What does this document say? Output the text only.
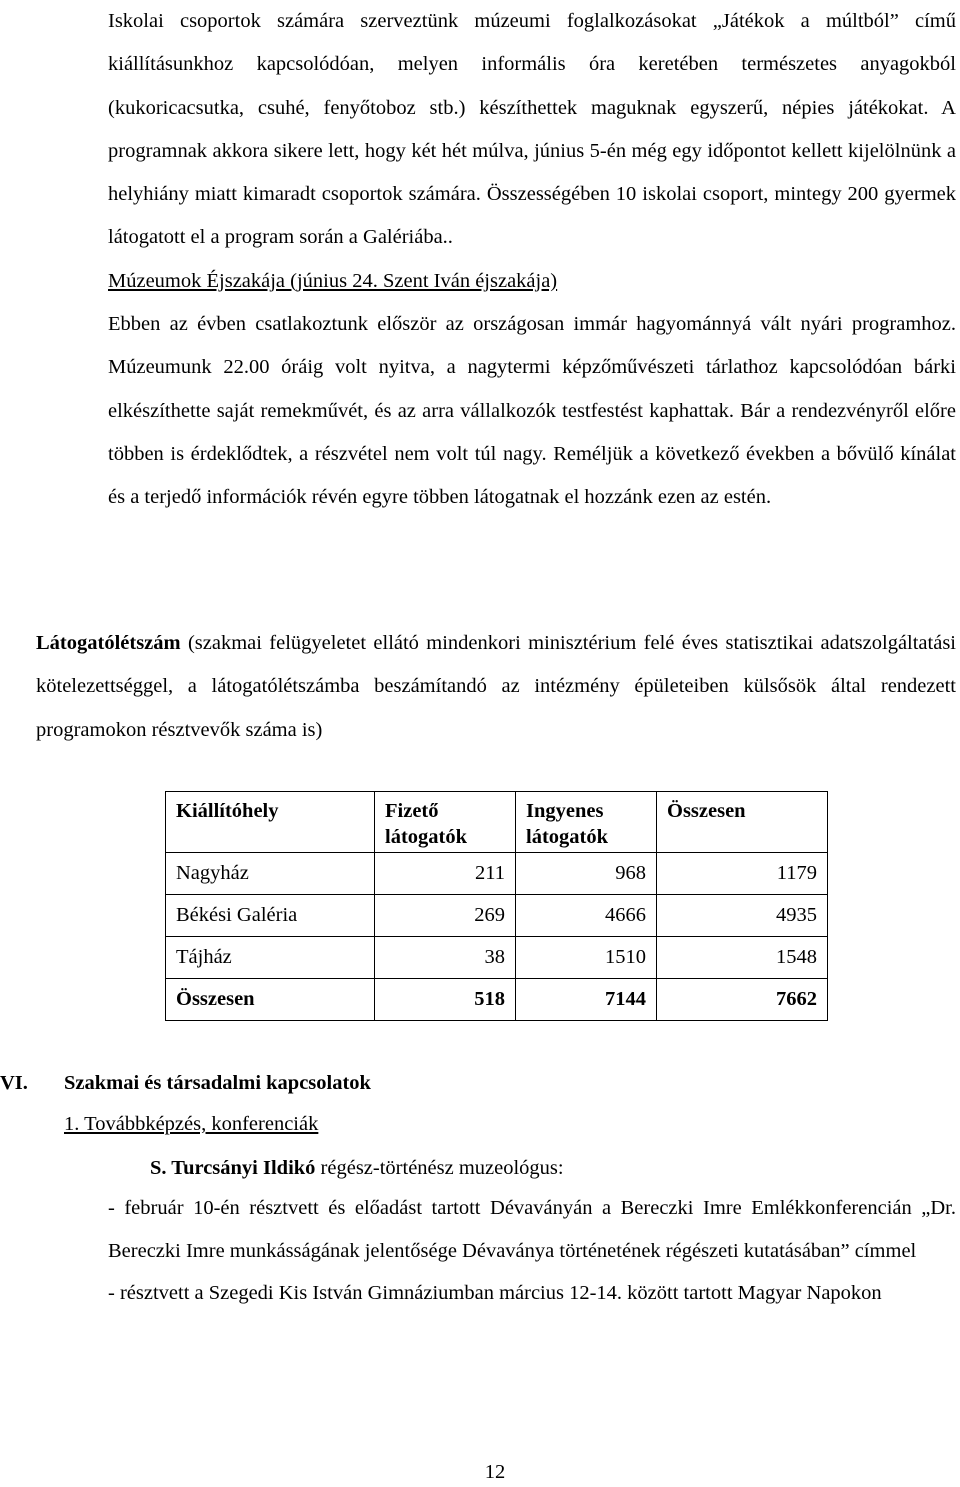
Iskolai csoportok számára szerveztünk múzeumi foglalkozásokat „Játékok a múltból” című kiállításunkhoz kapcsolódóan, melyen informális óra keretében természetes anyagokból (kukoricacsutka, csuhé, fenyőtoboz stb.) készíthettek maguknak egyszerű, népies játékokat. A programnak akkora sikere lett, hogy két hét múlva, június 5-én még egy időpontot kellett kijelölnünk a helyhiány miatt kimaradt csoportok számára. Összességében 10 iskolai csoport, mintegy 200 gyermek látogatott el a program során a Galériába..
Múzeumok Éjszakája (június 24. Szent Iván éjszakája)
Ebben az évben csatlakoztunk először az országosan immár hagyománnyá vált nyári programhoz. Múzeumunk 22.00 óráig volt nyitva, a nagytermi képzőművészeti tárlathoz kapcsolódóan bárki elkészíthette saját remekművét, és az arra vállalkozók testfestést kaphattak. Bár a rendezvényről előre többen is érdeklődtek, a részvétel nem volt túl nagy. Reméljük a következő években a bővülő kínálat és a terjedő információk révén egyre többen látogatnak el hozzánk ezen az estén.
Látogatólétszám (szakmai felügyeletet ellátó mindenkori minisztérium felé éves statisztikai adatszolgáltatási kötelezettséggel, a látogatólétszámba beszámítandó az intézmény épületeiben külsősök által rendezett programokon résztvevők száma is)
Kiállítóhely	Fizető látogatók	Ingyenes látogatók	Összesen
Nagyház	211	968	1179
Békési Galéria	269	4666	4935
Tájház	38	1510	1548
Összesen	518	7144	7662
VI. Szakmai és társadalmi kapcsolatok
1. Továbbképzés, konferenciák
S. Turcsányi Ildikó régész-történész muzeológus:
- február 10-én résztvett és előadást tartott Dévaványán a Bereczki Imre Emlékkonferencián „Dr. Bereczki Imre munkásságának jelentősége Dévaványa történetének régészeti kutatásában” címmel
- résztvett a Szegedi Kis István Gimnáziumban március 12-14. között tartott Magyar Napokon
12
